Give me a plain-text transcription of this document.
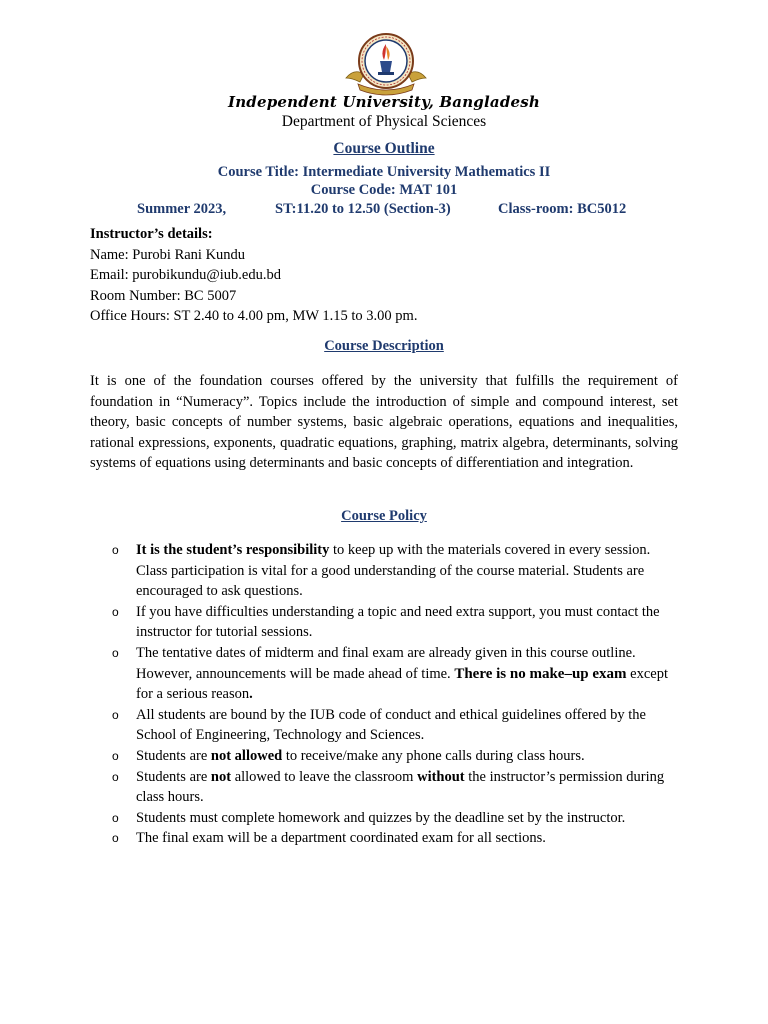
Independent University, Bangladesh
Department of Physical Sciences
Course Outline
Course Title: Intermediate University Mathematics II
Course Code: MAT 101
Summer 2023,	ST:11.20 to 12.50 (Section-3)	Class-room: BC5012
Instructor’s details:
Name: Purobi Rani Kundu
Email: purobikundu@iub.edu.bd
Room Number: BC 5007
Office Hours: ST 2.40 to 4.00 pm, MW 1.15 to 3.00 pm.
Course Description
It is one of the foundation courses offered by the university that fulfills the requirement of foundation in “Numeracy”. Topics include the introduction of simple and compound interest, set theory, basic concepts of number systems, basic algebraic operations, equations and inequalities, rational expressions, exponents, quadratic equations, graphing, matrix algebra, determinants, solving systems of equations using determinants and basic concepts of differentiation and integration.
Course Policy
o It is the student’s responsibility to keep up with the materials covered in every session. Class participation is vital for a good understanding of the course material. Students are encouraged to ask questions.
o If you have difficulties understanding a topic and need extra support, you must contact the instructor for tutorial sessions.
o The tentative dates of midterm and final exam are already given in this course outline. However, announcements will be made ahead of time. There is no make–up exam except for a serious reason.
o All students are bound by the IUB code of conduct and ethical guidelines offered by the School of Engineering, Technology and Sciences.
o Students are not allowed to receive/make any phone calls during class hours.
o Students are not allowed to leave the classroom without the instructor’s permission during class hours.
o Students must complete homework and quizzes by the deadline set by the instructor.
o The final exam will be a department coordinated exam for all sections.
